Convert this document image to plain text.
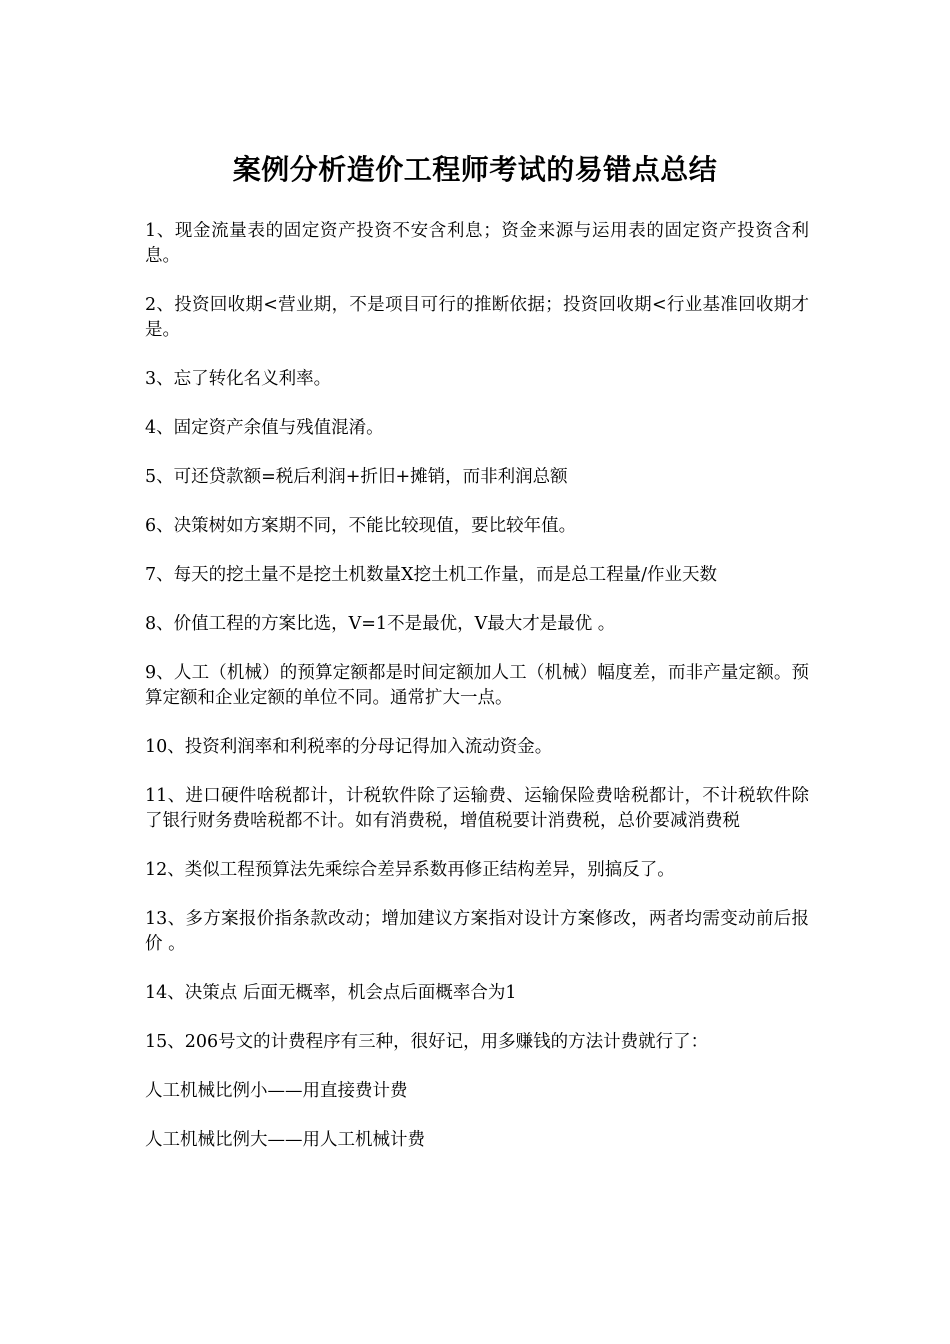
案例分析造价工程师考试的易错点总结

1、现金流量表的固定资产投资不安含利息；资金来源与运用表的固定资产投资含利息。

2、投资回收期<营业期，不是项目可行的推断依据；投资回收期<行业基准回收期才是。

3、忘了转化名义利率。

4、固定资产余值与残值混淆。

5、可还贷款额=税后利润+折旧+摊销，而非利润总额

6、决策树如方案期不同，不能比较现值，要比较年值。

7、每天的挖土量不是挖土机数量X挖土机工作量，而是总工程量/作业天数

8、价值工程的方案比选，V=1不是最优，V最大才是最优 。

9、人工（机械）的预算定额都是时间定额加人工（机械）幅度差，而非产量定额。预算定额和企业定额的单位不同。通常扩大一点。

10、投资利润率和利税率的分母记得加入流动资金。

11、进口硬件啥税都计，计税软件除了运输费、运输保险费啥税都计，不计税软件除了银行财务费啥税都不计。如有消费税，增值税要计消费税，总价要减消费税

12、类似工程预算法先乘综合差异系数再修正结构差异，别搞反了。

13、多方案报价指条款改动；增加建议方案指对设计方案修改，两者均需变动前后报价 。

14、决策点 后面无概率，机会点后面概率合为1

15、206号文的计费程序有三种，很好记，用多赚钱的方法计费就行了：

人工机械比例小——用直接费计费

人工机械比例大——用人工机械计费
